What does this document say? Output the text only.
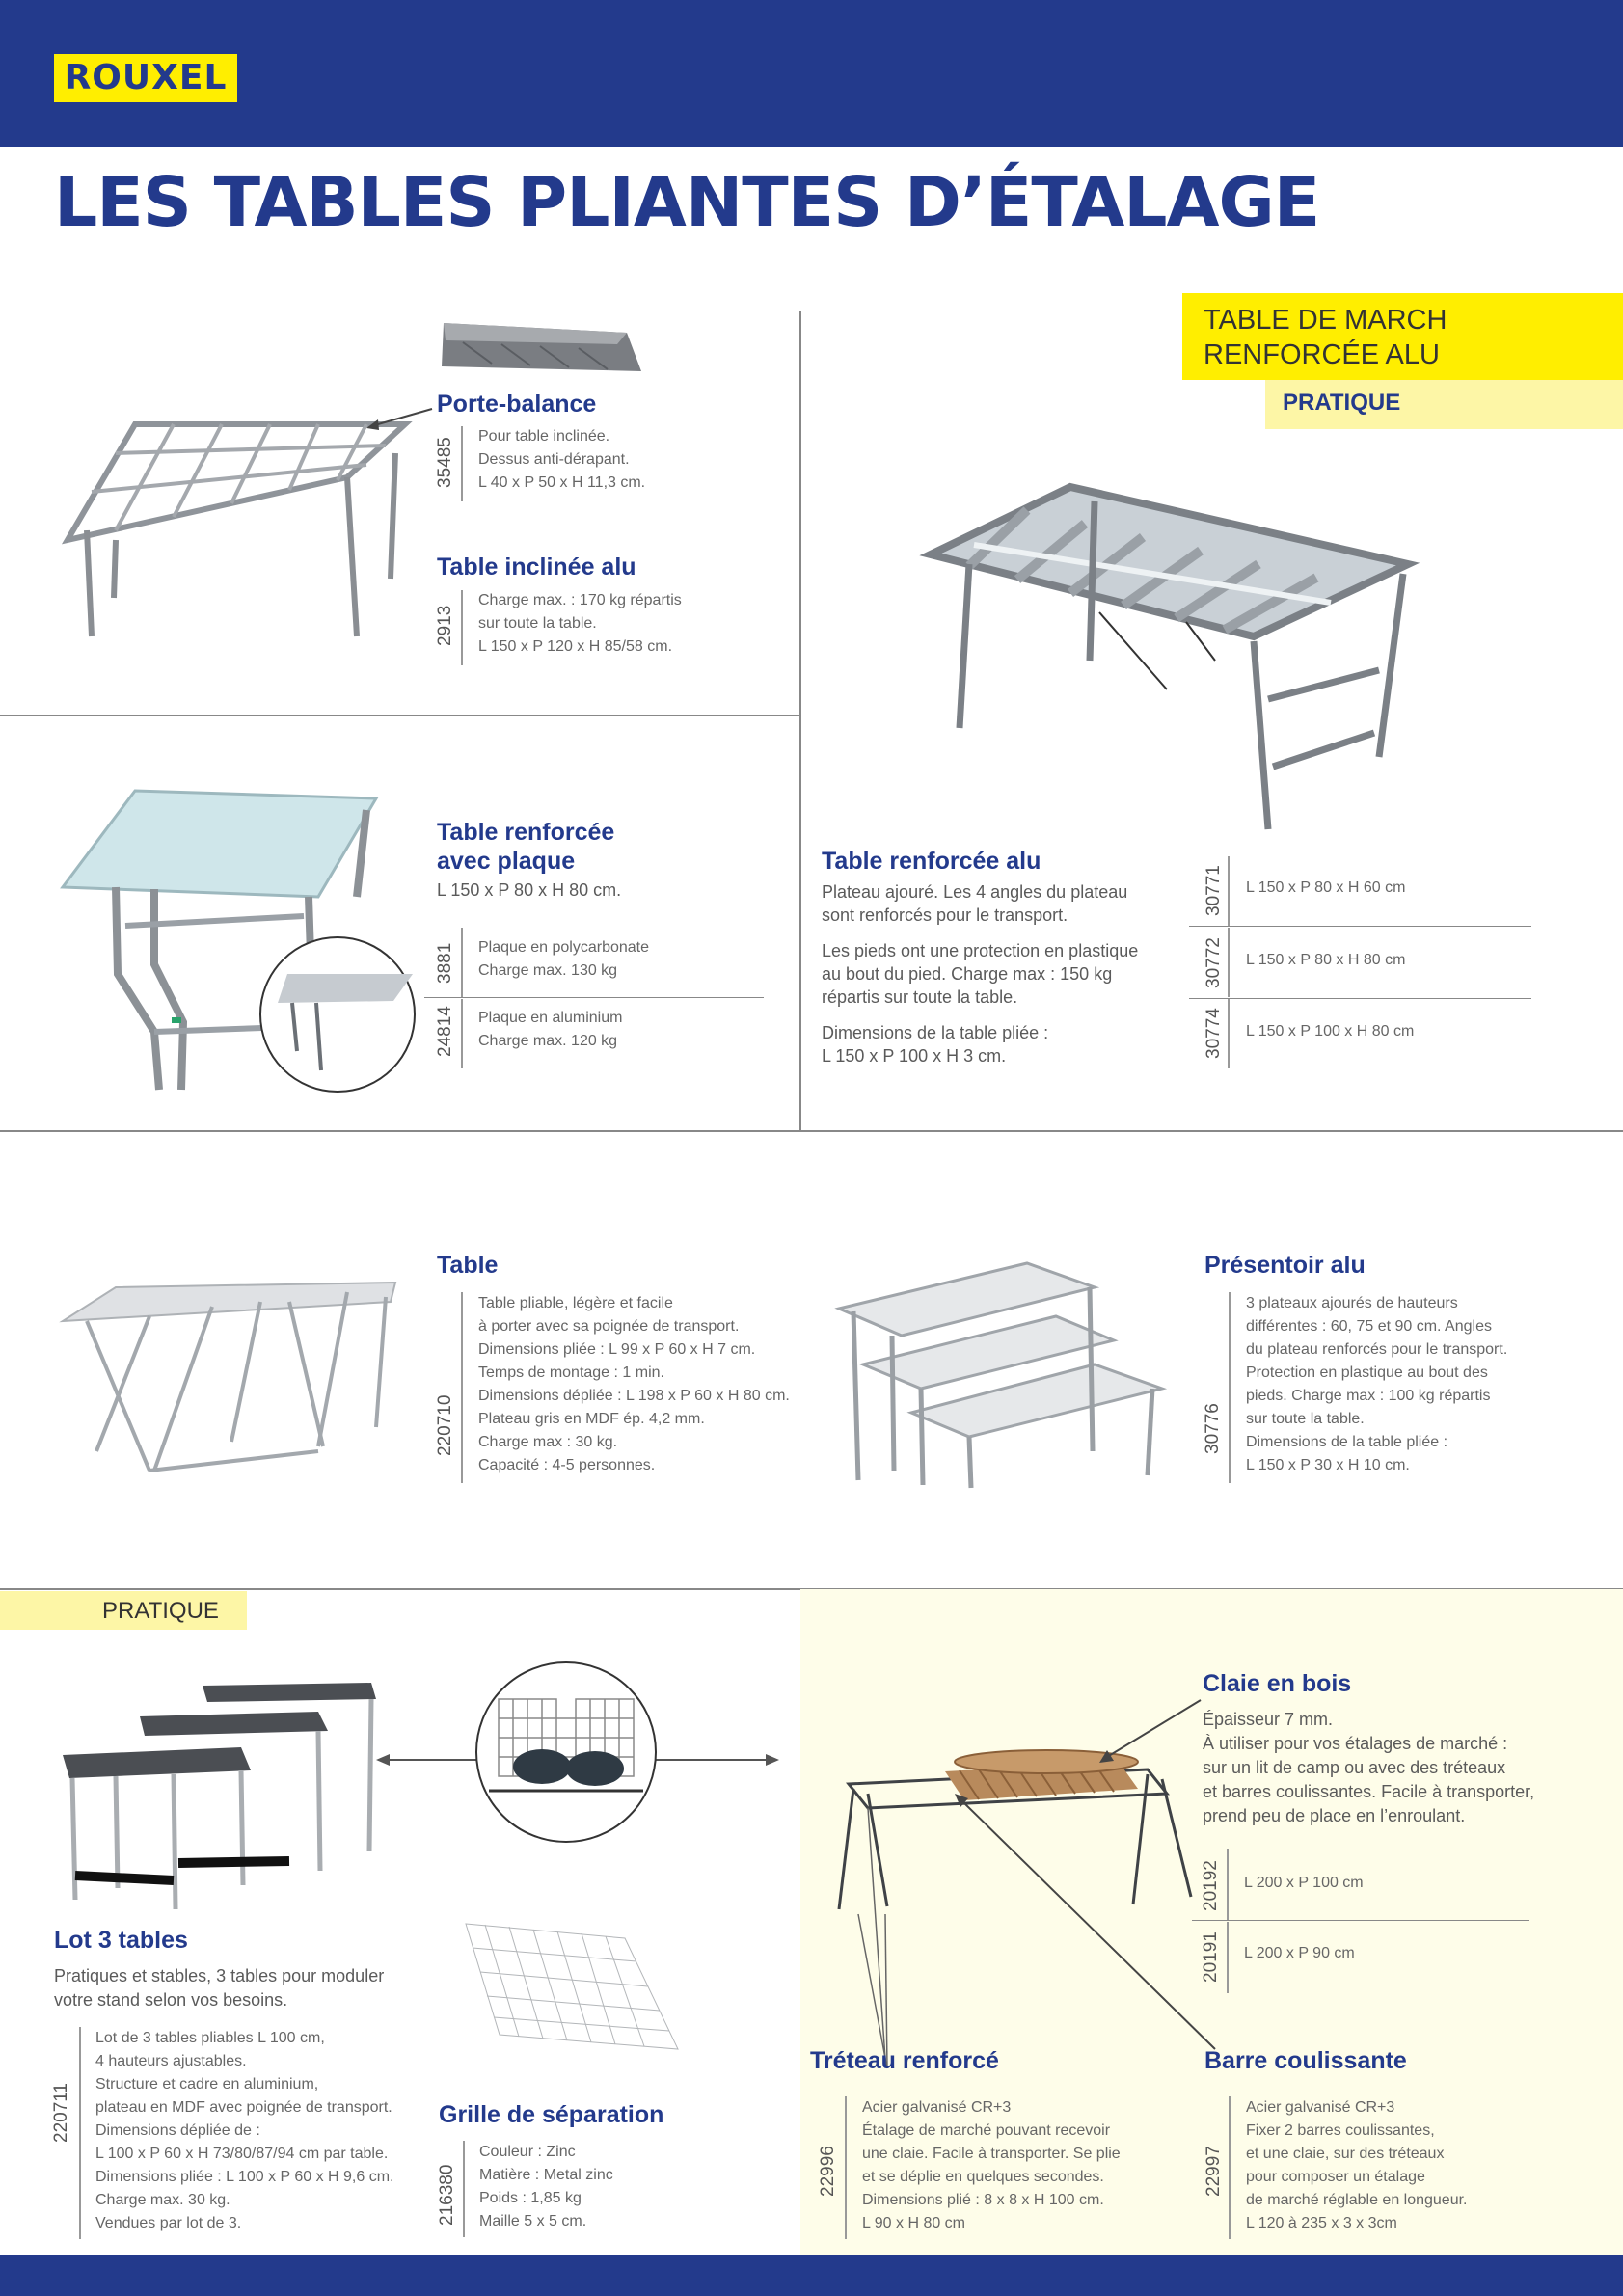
ROUXEL
LES TABLES PLIANTES D’ÉTALAGE
Porte-balance
35485
Pour table inclinée.
Dessus anti-dérapant.
L 40 x P 50 x H 11,3 cm.
Table inclinée alu
2913
Charge max. : 170 kg répartis
sur toute la table.
L 150 x P 120 x H 85/58 cm.
TABLE DE MARCH
RENFORCÉE ALU
PRATIQUE
Table renforcée
avec plaque
L 150 x P 80 x H 80 cm.
3881 Plaque en polycarbonate
Charge max. 130 kg
24814 Plaque en aluminium
Charge max. 120 kg
Table renforcée alu
Plateau ajouré. Les 4 angles du plateau
sont renforcés pour le transport.
Les pieds ont une protection en plastique
au bout du pied. Charge max : 150 kg
répartis sur toute la table.
Dimensions de la table pliée :
L 150 x P 100 x H 3 cm.
30771 L 150 x P 80 x H 60 cm
30772 L 150 x P 80 x H 80 cm
30774 L 150 x P 100 x H 80 cm
Table
220710
Table pliable, légère et facile
à porter avec sa poignée de transport.
Dimensions pliée : L 99 x P 60 x H 7 cm.
Temps de montage : 1 min.
Dimensions dépliée : L 198 x P 60 x H 80 cm.
Plateau gris en MDF ép. 4,2 mm.
Charge max : 30 kg.
Capacité : 4-5 personnes.
Présentoir alu
30776
3 plateaux ajourés de hauteurs
différentes : 60, 75 et 90 cm. Angles
du plateau renforcés pour le transport.
Protection en plastique au bout des
pieds. Charge max : 100 kg répartis
sur toute la table.
Dimensions de la table pliée :
L 150 x P 30 x H 10 cm.
PRATIQUE
Lot 3 tables
Pratiques et stables, 3 tables pour moduler
votre stand selon vos besoins.
220711
Lot de 3 tables pliables L 100 cm,
4 hauteurs ajustables.
Structure et cadre en aluminium,
plateau en MDF avec poignée de transport.
Dimensions dépliée de :
L 100 x P 60 x H 73/80/87/94 cm par table.
Dimensions pliée : L 100 x P 60 x H 9,6 cm.
Charge max. 30 kg.
Vendues par lot de 3.
Grille de séparation
216380
Couleur : Zinc
Matière : Metal zinc
Poids : 1,85 kg
Maille 5 x 5 cm.
Claie en bois
Épaisseur 7 mm.
À utiliser pour vos étalages de marché :
sur un lit de camp ou avec des tréteaux
et barres coulissantes. Facile à transporter,
prend peu de place en l’enroulant.
20192 L 200 x P 100 cm
20191 L 200 x P 90 cm
Tréteau renforcé
22996
Acier galvanisé CR+3
Étalage de marché pouvant recevoir
une claie. Facile à transporter. Se plie
et se déplie en quelques secondes.
Dimensions plié : 8 x 8 x H 100 cm.
L 90 x H 80 cm
Barre coulissante
22997
Acier galvanisé CR+3
Fixer 2 barres coulissantes,
et une claie, sur des tréteaux
pour composer un étalage
de marché réglable en longueur.
L 120 à 235 x 3 x 3cm
